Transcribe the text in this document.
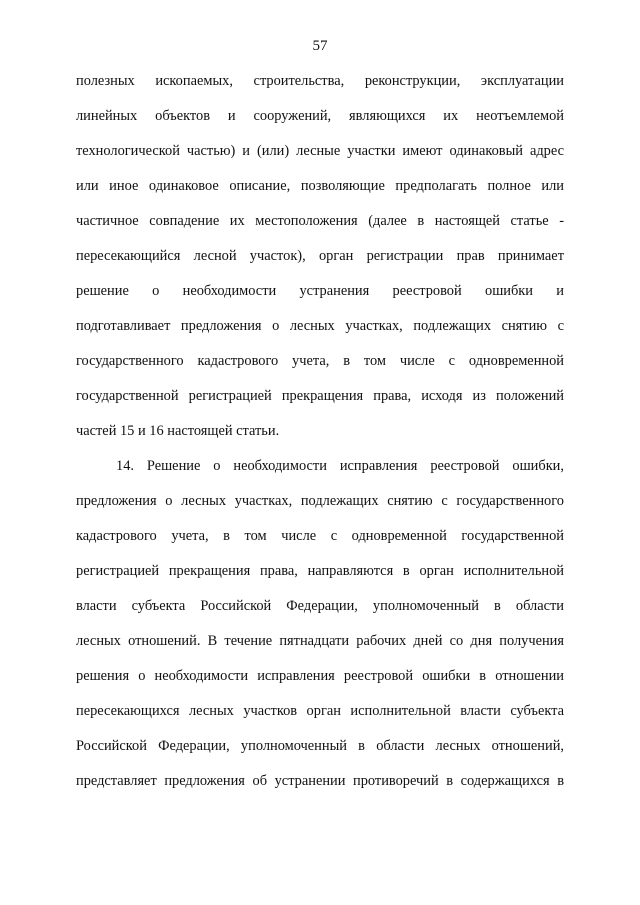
57
полезных ископаемых, строительства, реконструкции, эксплуатации
линейных объектов и сооружений, являющихся их неотъемлемой
технологической частью) и (или) лесные участки имеют одинаковый адрес
или иное одинаковое описание, позволяющие предполагать полное или
частичное совпадение их местоположения (далее в настоящей статье -
пересекающийся лесной участок), орган регистрации прав принимает
решение о необходимости устранения реестровой ошибки и
подготавливает предложения о лесных участках, подлежащих снятию с
государственного кадастрового учета, в том числе с одновременной
государственной регистрацией прекращения права, исходя из положений
частей 15 и 16 настоящей статьи.
14. Решение о необходимости исправления реестровой ошибки,
предложения о лесных участках, подлежащих снятию с государственного
кадастрового учета, в том числе с одновременной государственной
регистрацией прекращения права, направляются в орган исполнительной
власти субъекта Российской Федерации, уполномоченный в области
лесных отношений. В течение пятнадцати рабочих дней со дня получения
решения о необходимости исправления реестровой ошибки в отношении
пересекающихся лесных участков орган исполнительной власти субъекта
Российской Федерации, уполномоченный в области лесных отношений,
представляет предложения об устранении противоречий в содержащихся в
